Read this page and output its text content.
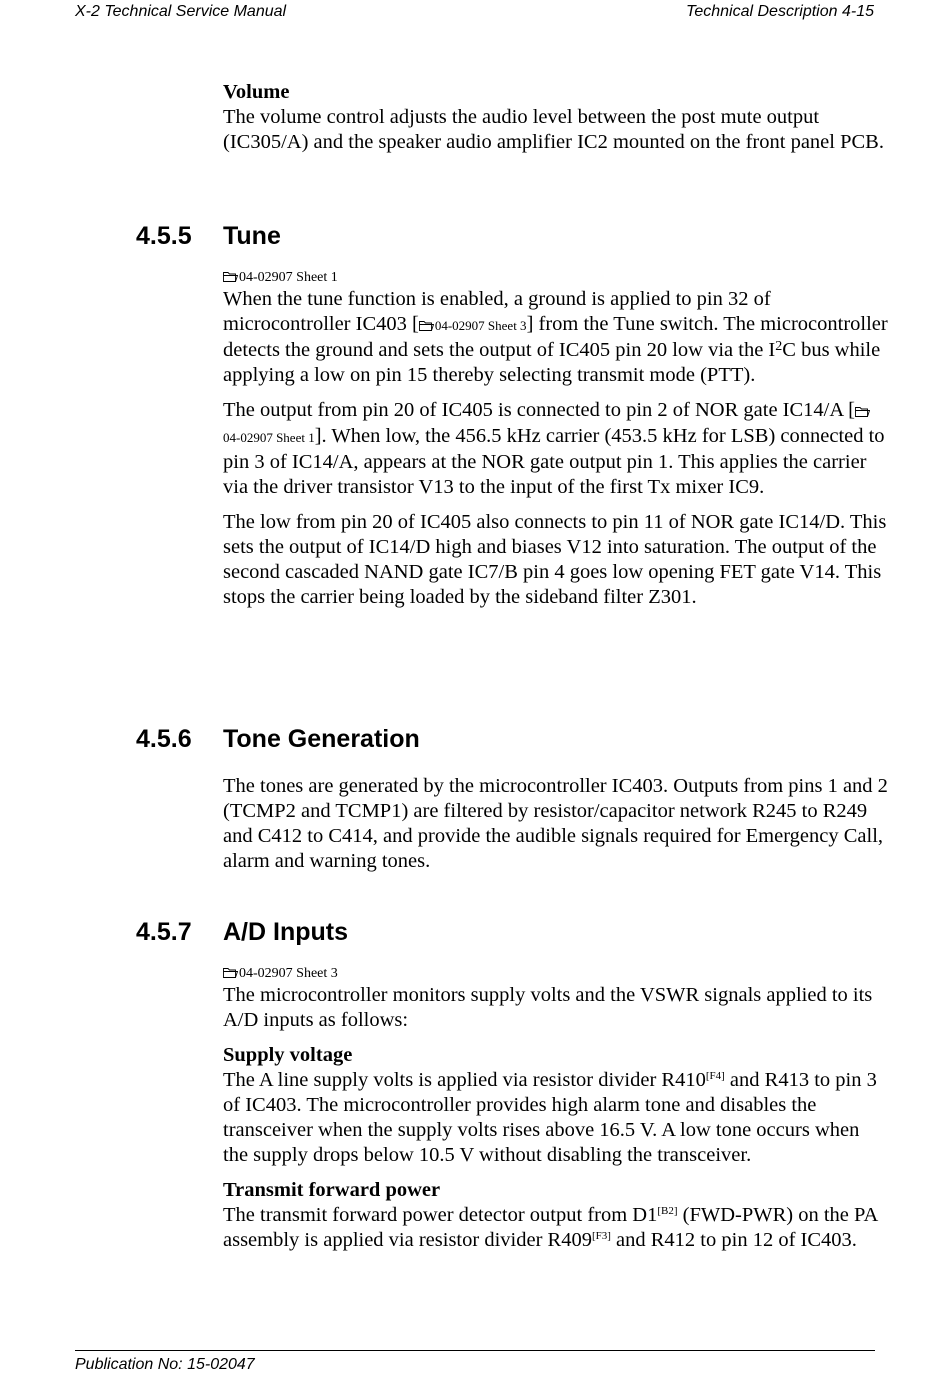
X-2 Technical Service Manual	Technical Description 4-15

Volume

The volume control adjusts the audio level between the post mute output (IC305/A) and the speaker audio amplifier IC2 mounted on the front panel PCB.

4.5.5 Tune
04-02907 Sheet 1

When the tune function is enabled, a ground is applied to pin 32 of microcontroller IC403 [ 04-02907 Sheet 3] from the Tune switch. The microcontroller detects the ground and sets the output of IC405 pin 20 low via the $I^2C$ bus while applying a low on pin 15 thereby selecting transmit mode (PTT).

The output from pin 20 of IC405 is connected to pin 2 of NOR gate IC14/A [04-02907 Sheet 1]. When low, the 456.5 kHz carrier (453.5 kHz for LSB) connected to pin 3 of IC14/A, appears at the NOR gate output pin 1. This applies the carrier via the driver transistor V13 to the input of the first Tx mixer IC9.

The low from pin 20 of IC405 also connects to pin 11 of NOR gate IC14/D. This sets the output of IC14/D high and biases V12 into saturation. The output of the second cascaded NAND gate IC7/B pin 4 goes low opening FET gate V14. This stops the carrier being loaded by the sideband filter Z301.

4.5.6 Tone Generation

The tones are generated by the microcontroller IC403. Outputs from pins 1 and 2 (TCMP2 and TCMP1) are filtered by resistor/capacitor network R245 to R249 and C412 to C414, and provide the audible signals required for Emergency Call, alarm and warning tones.

4.5.7 A/D Inputs
04-02907 Sheet 3

The microcontroller monitors supply volts and the VSWR signals applied to its A/D inputs as follows:

Supply voltage

The A line supply volts is applied via resistor divider R410[F4] and R413 to pin 3 of IC403. The microcontroller provides high alarm tone and disables the transceiver when the supply volts rises above 16.5 V. A low tone occurs when the supply drops below 10.5 V without disabling the transceiver.

Transmit forward power

The transmit forward power detector output from D1[B2] (FWD-PWR) on the PA assembly is applied via resistor divider R409[F3] and R412 to pin 12 of IC403.

Publication No: 15-02047
